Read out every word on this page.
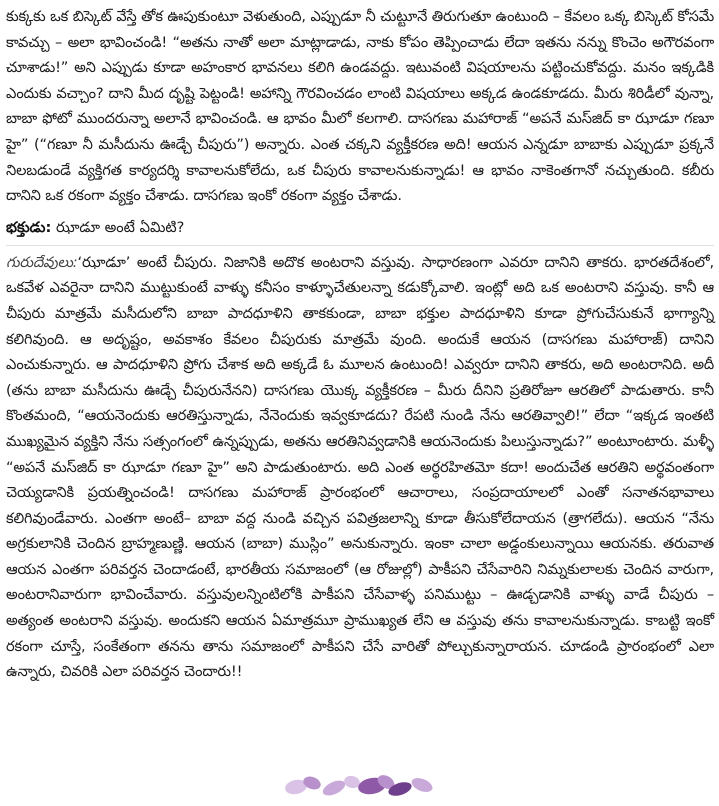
కుక్కకు ఒక బిస్కెట్ వేస్తే తోక ఊపుకుంటూ వెళుతుంది, ఎప్పుడూ నీ చుట్టూనే తిరుగుతూ ఉంటుంది – కేవలం ఒక్క బిస్కెట్ కోసమే కావచ్చు – అలా భావించండి! “అతను నాతో అలా మాట్లాడాడు, నాకు కోపం తెప్పించాడు లేదా ఇతను నన్ను కొంచెం అగౌరవంగా చూశాడు!” అని ఎప్పుడు కూడా అహంకార భావనలు కలిగి ఉండవద్దు. ఇటువంటి విషయాలను పట్టించుకోవద్దు. మనం ఇక్కడికి ఎందుకు వచ్చాం? దాని మీద దృష్టి పెట్టండి! అహాన్ని గౌరవించడం లాంటి విషయాలు అక్కడ ఉండకూడదు. మీరు శిరిడీలో వున్నా, బాబా ఫోటో ముందరున్నా అలానే భావించండి. ఆ భావం మీలో కలగాలి. దాసగణు మహారాజ్ “అపనే మస్‌జిద్ కా ఝాడూ గణూ హై” (“గణూ నీ మసీదును ఊడ్చే చీపురు”) అన్నారు. ఎంత చక్కని వ్యక్తీకరణ అది! ఆయన ఎన్నడూ బాబాకు ఎప్పుడూ ప్రక్కనే నిలబడుండే వ్యక్తిగత కార్యదర్శి కావాలనుకోలేదు, ఒక చీపురు కావాలనుకున్నాడు! ఆ భావం నాకెంతగానో నచ్చుతుంది. కబీరు దానిని ఒక రకంగా వ్యక్తం చేశాడు. దాసగణు ఇంకో రకంగా వ్యక్తం చేశాడు.

భక్తుడు: ఝాడూ అంటే ఏమిటి?

గురుదేవులు:‘ఝాడూ’ అంటే చీపురు. నిజానికి అదొక అంటరాని వస్తువు. సాధారణంగా ఎవరూ దానిని తాకరు. భారతదేశంలో, ఒకవేళ ఎవరైనా దానిని ముట్టుకుంటే వాళ్ళు కనీసం కాళ్ళూచేతులన్నా కడుక్కోవాలి. ఇంట్లో అది ఒక అంటరాని వస్తువు. కానీ ఆ చీపురు మాత్రమే మసీదులోని బాబా పాదధూళిని తాకకుండా, బాబా భక్తుల పాదధూళిని కూడా ప్రోగుచేసుకునే భాగ్యాన్ని కలిగివుంది. ఆ అదృష్టం, అవకాశం కేవలం చీపురుకు మాత్రమే వుంది. అందుకే ఆయన (దాసగణు మహారాజ్) దానిని ఎంచుకున్నారు. ఆ పాదధూళిని ప్రోగు చేశాక అది అక్కడే ఓ మూలన ఉంటుంది! ఎవ్వరూ దానిని తాకరు, అది అంటరానిది. అదీ (తను బాబా మసీదును ఊడ్చే చీపురునేనని) దాసగణు యొక్క వ్యక్తీకరణ – మీరు దీనిని ప్రతిరోజూ ఆరతిలో పాడుతారు. కానీ కొంతమంది, “ఆయనెందుకు ఆరతిస్తున్నాడు, నేనెందుకు ఇవ్వకూడదు? రేపటి నుండి నేను ఆరతివ్వాలి!” లేదా “ఇక్కడ ఇంతటి ముఖ్యమైన వ్యక్తిని నేను సత్సంగంలో ఉన్నప్పుడు, అతను ఆరతినివ్వడానికి ఆయనెందుకు పిలుస్తున్నాడు?” అంటూంటారు. మళ్ళీ “అపనే మస్‌జిద్ కా ఝాడూ గణూ హై” అని పాడుతుంటారు. అది ఎంత అర్థరహితమో కదా! అందుచేత ఆరతిని అర్థవంతంగా చెయ్యడానికి ప్రయత్నించండి! దాసగణు మహారాజ్ ప్రారంభంలో ఆచారాలు, సంప్రదాయాలలో ఎంతో సనాతనభావాలు కలిగివుండేవారు. ఎంతగా అంటే– బాబా వద్ద నుండి వచ్చిన పవిత్రజలాన్ని కూడా తీసుకోలేదాయన (త్రాగలేదు). ఆయన “నేను అగ్రకులానికి చెందిన బ్రాహ్మణుణ్ణి. ఆయన (బాబా) ముస్లిం” అనుకున్నారు. ఇంకా చాలా అడ్డంకులున్నాయి ఆయనకు. తరువాత ఆయన ఎంతగా పరివర్తన చెందాడంటే, భారతీయ సమాజంలో (ఆ రోజుల్లో) పాకీపని చేసేవారిని నిమ్నకులాలకు చెందిన వారుగా, అంటరానివారుగా భావించేవారు. వస్తువులన్నింటిలోకి పాకీపని చేసేవాళ్ళ పనిముట్టు – ఊడ్చడానికి వాళ్ళు వాడే చీపురు – అత్యంత అంటరాని వస్తువు. అందుకని ఆయన ఏమాత్రమూ ప్రాముఖ్యత లేని ఆ వస్తువు తను కావాలనుకున్నాడు. కాబట్టి ఇంకో రకంగా చూస్తే, సంకేతంగా తనను తాను సమాజంలో పాకీపని చేసే వారితో పోల్చుకున్నారాయన. చూడండి ప్రారంభంలో ఎలా ఉన్నారు, చివరికి ఎలా పరివర్తన చెందారు!!
